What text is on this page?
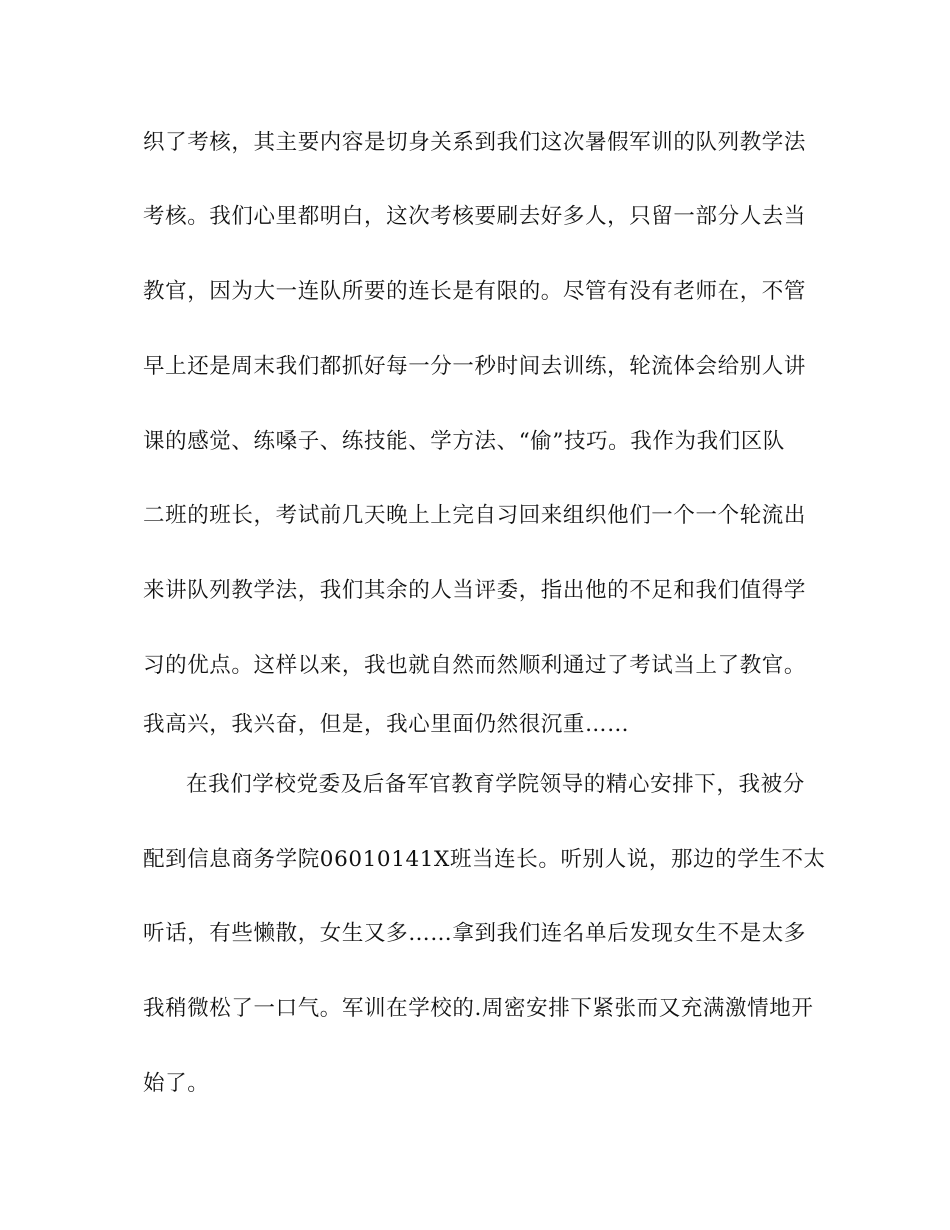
织了考核，其主要内容是切身关系到我们这次暑假军训的队列教学法
考核。我们心里都明白，这次考核要刷去好多人，只留一部分人去当
教官，因为大一连队所要的连长是有限的。尽管有没有老师在，不管
早上还是周末我们都抓好每一分一秒时间去训练，轮流体会给别人讲
课的感觉、练嗓子、练技能、学方法、“偷”技巧。我作为我们区队
二班的班长，考试前几天晚上上完自习回来组织他们一个一个轮流出
来讲队列教学法，我们其余的人当评委，指出他的不足和我们值得学
习的优点。这样以来，我也就自然而然顺利通过了考试当上了教官。
我高兴，我兴奋，但是，我心里面仍然很沉重……
在我们学校党委及后备军官教育学院领导的精心安排下，我被分
配到信息商务学院06010141X班当连长。听别人说，那边的学生不太
听话，有些懒散，女生又多……拿到我们连名单后发现女生不是太多
我稍微松了一口气。军训在学校的.周密安排下紧张而又充满激情地开
始了。
